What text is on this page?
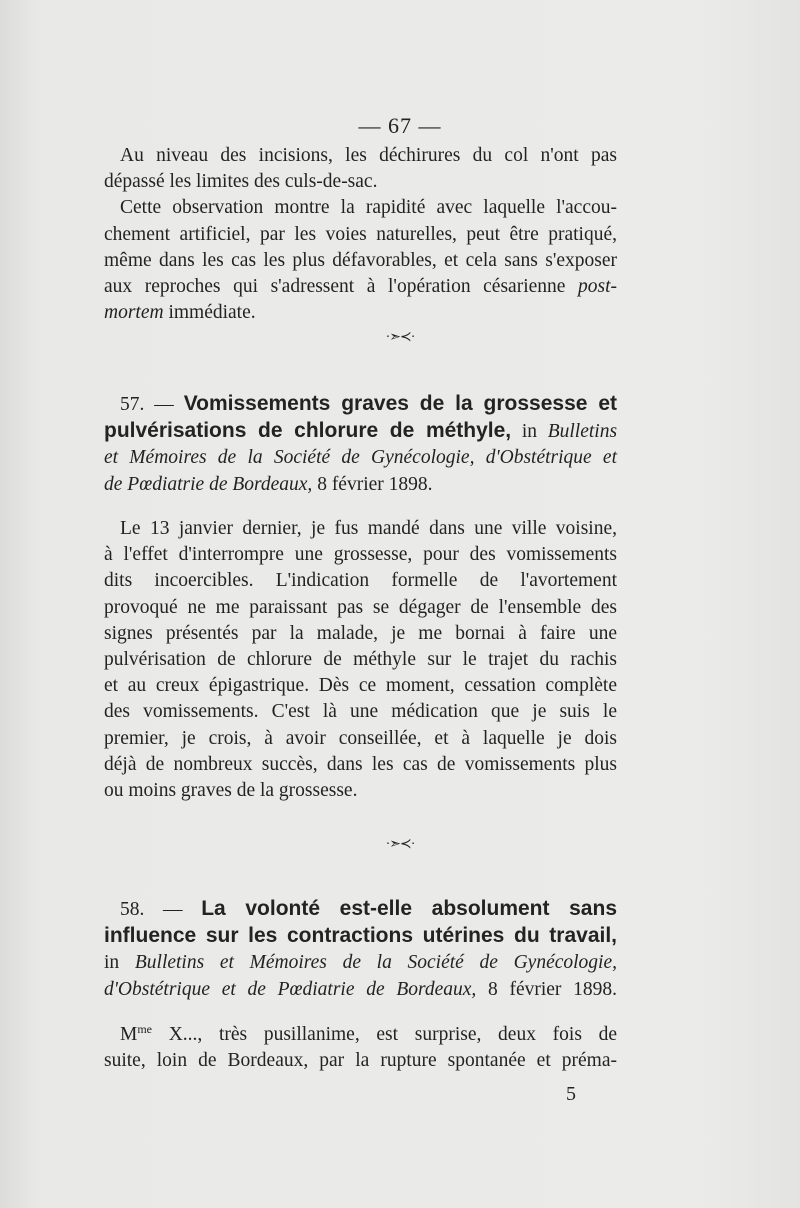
— 67 —

Au niveau des incisions, les déchirures du col n'ont pas
dépassé les limites des culs-de-sac.

Cette observation montre la rapidité avec laquelle l'accou-
chement artificiel, par les voies naturelles, peut être pratiqué,
même dans les cas les plus défavorables, et cela sans s'exposer
aux reproches qui s'adressent à l'opération césarienne post-
mortem immédiate.

·➣≺·

57. — Vomissements graves de la grossesse et
pulvérisations de chlorure de méthyle, in Bulletins
et Mémoires de la Société de Gynécologie, d'Obstétrique et
de Pœdiatrie de Bordeaux, 8 février 1898.

Le 13 janvier dernier, je fus mandé dans une ville voisine,
à l'effet d'interrompre une grossesse, pour des vomissements
dits incoercibles. L'indication formelle de l'avortement
provoqué ne me paraissant pas se dégager de l'ensemble des
signes présentés par la malade, je me bornai à faire une
pulvérisation de chlorure de méthyle sur le trajet du rachis
et au creux épigastrique. Dès ce moment, cessation complète
des vomissements. C'est là une médication que je suis le
premier, je crois, à avoir conseillée, et à laquelle je dois
déjà de nombreux succès, dans les cas de vomissements plus
ou moins graves de la grossesse.

·➣≺·

58. — La volonté est-elle absolument sans
influence sur les contractions utérines du travail,
in Bulletins et Mémoires de la Société de Gynécologie,
d'Obstétrique et de Pœdiatrie de Bordeaux, 8 février 1898.

$M^{me}$ X..., très pusillanime, est surprise, deux fois de
suite, loin de Bordeaux, par la rupture spontanée et préma-

5
